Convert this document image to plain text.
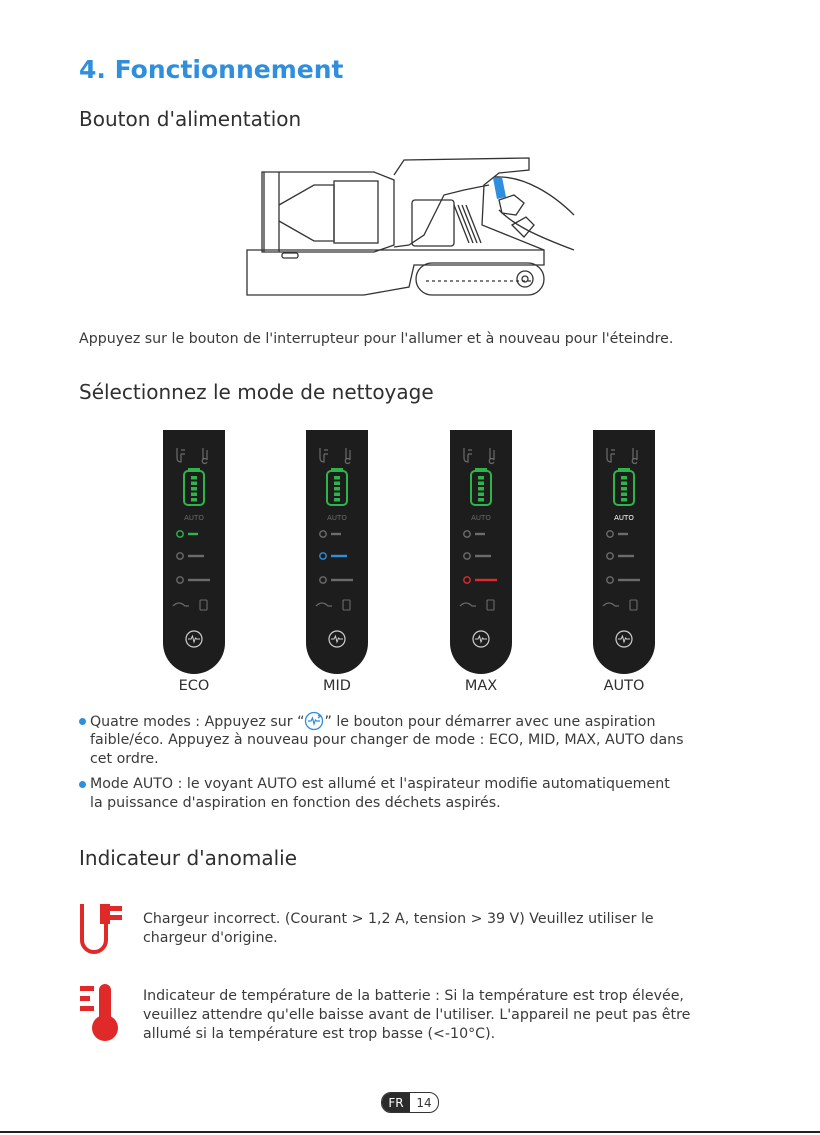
4. Fonctionnement
Bouton d'alimentation
Appuyez sur le bouton de l'interrupteur pour l'allumer et à nouveau pour l'éteindre.
Sélectionnez le mode de nettoyage
AUTO	AUTO	AUTO	AUTO
ECO	MID	MAX	AUTO
Quatre modes : Appuyez sur “ ” le bouton pour démarrer avec une aspiration
faible/éco. Appuyez à nouveau pour changer de mode : ECO, MID, MAX, AUTO dans
cet ordre.
Mode AUTO : le voyant AUTO est allumé et l'aspirateur modifie automatiquement
la puissance d'aspiration en fonction des déchets aspirés.
Indicateur d'anomalie
Chargeur incorrect. (Courant > 1,2 A, tension > 39 V) Veuillez utiliser le
chargeur d'origine.
Indicateur de température de la batterie : Si la température est trop élevée,
veuillez attendre qu'elle baisse avant de l'utiliser. L'appareil ne peut pas être
allumé si la température est trop basse (<-10°C).
FR	14
